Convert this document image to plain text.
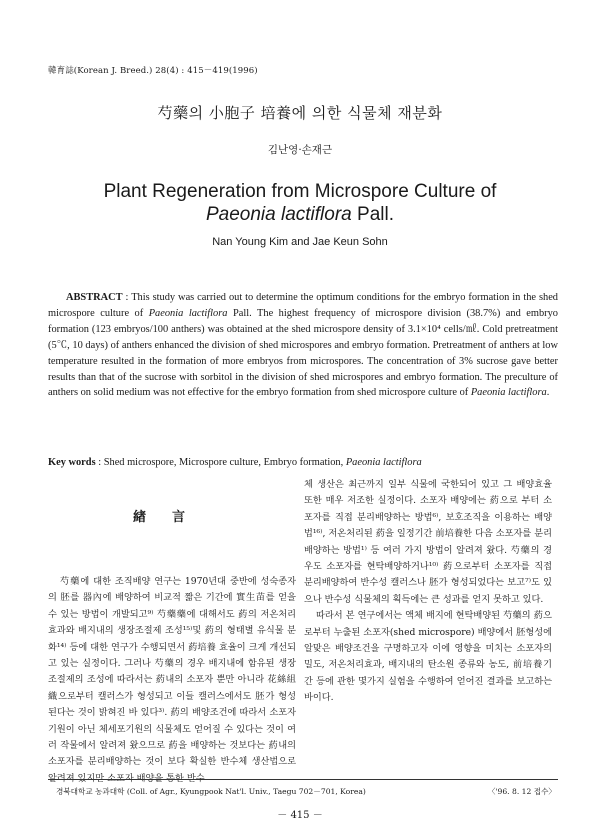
韓育誌(Korean J. Breed.) 28(4) : 415－419(1996)
芍藥의 小胞子 培養에 의한 식물체 재분화
김난영·손재근
Plant Regeneration from Microspore Culture of
Paeonia lactiflora Pall.
Nan Young Kim and Jae Keun Sohn
ABSTRACT : This study was carried out to determine the optimum conditions for the embryo formation in the shed microspore culture of Paeonia lactiflora Pall. The highest frequency of microspore division (38.7%) and embryo formation (123 embryos/100 anthers) was obtained at the shed microspore density of 3.1×10⁴ cells/㎖. Cold pretreatment (5℃, 10 days) of anthers enhanced the division of shed microspores and embryo formation. Pretreatment of anthers at low temperature resulted in the formation of more embryos from microspores. The concentration of 3% sucrose gave better results than that of the sucrose with sorbitol in the division of shed microspores and embryo formation. The preculture of anthers on solid medium was not effective for the embryo formation from shed microspore culture of Paeonia lactiflora.
Key words : Shed microspore, Microspore culture, Embryo formation, Paeonia lactiflora
緖言

芍藥에 대한 조직배양 연구는 1970년대 중반에 성숙종자의 胚를 器內에 배양하여 비교적 짧은 기간에 實生苗를 얻을 수 있는 방법이 개발되고⁹⁾ 芍藥藥에 대해서도 葯의 저온처리효과와 배지내의 생장조절제 조성¹⁵⁾및 葯의 형태별 유식물 분화¹⁴⁾ 등에 대한 연구가 수행되면서 葯培養 효율이 크게 개선되고 있는 실정이다. 그러나 芍藥의 경우 배지내에 함유된 생장조절제의 조성에 따라서는 葯내의 소포자 뿐만 아니라 花絲組織으로부터 캘러스가 형성되고 이들 캘러스에서도 胚가 형성된다는 것이 밝혀진 바 있다³⁾. 葯의 배양조건에 따라서 소포자기원이 아닌 체세포기원의 식물체도 얻어질 수 있다는 것이 여러 작물에서 알려져 왔으므로 葯을 배양하는 것보다는 葯내의 소포자를 분리배양하는 것이 보다 확실한 반수체 생산법으로 알려져 있지만 소포자 배양을 통한 반수

체 생산은 최근까지 일부 식물에 국한되어 있고 그 배양효율 또한 매우 저조한 실정이다. 소포자 배양에는 葯으로 부터 소포자를 직접 분리배양하는 방법⁶⁾, 보호조직을 이용하는 배양법¹⁶⁾, 저온처리된 葯을 일정기간 前培養한 다음 소포자를 분리배양하는 방법¹⁾ 등 여러 가지 방법이 알려져 왔다. 芍藥의 경우도 소포자를 현탁배양하거나¹⁰⁾ 葯으로부터 소포자를 직접 분리배양하여 반수성 캘러스나 胚가 형성되었다는 보고⁷⁾도 있으나 반수성 식물체의 획득에는 큰 성과를 얻지 못하고 있다.

따라서 본 연구에서는 액체 배지에 현탁배양된 芍藥의 葯으로부터 누출된 소포자(shed microspore) 배양에서 胚형성에 알맞은 배양조건을 구명하고자 이에 영향을 미치는 소포자의 밀도, 저온처리효과, 배지내의 탄소원 종류와 농도, 前培養기간 등에 관한 몇가지 실험을 수행하여 얻어진 결과를 보고하는 바이다.

경북대학교 농과대학 (Coll. of Agr., Kyungpook Nat'l. Univ., Taegu 702－701, Korea)	〈'96. 8. 12 접수〉
－ 415 －
